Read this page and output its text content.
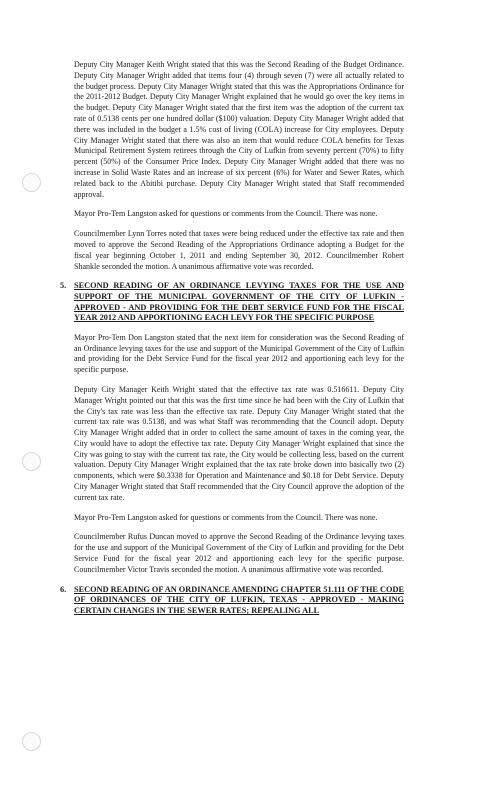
Deputy City Manager Keith Wright stated that this was the Second Reading of the Budget Ordinance. Deputy City Manager Wright added that items four (4) through seven (7) were all actually related to the budget process. Deputy City Manager Wright stated that this was the Appropriations Ordinance for the 2011-2012 Budget. Deputy City Manager Wright explained that he would go over the key items in the budget. Deputy City Manager Wright stated that the first item was the adoption of the current tax rate of 0.5138 cents per one hundred dollar ($100) valuation. Deputy City Manager Wright added that there was included in the budget a 1.5% cost of living (COLA) increase for City employees. Deputy City Manager Wright stated that there was also an item that would reduce COLA benefits for Texas Municipal Retirement System retirees through the City of Lufkin from seventy percent (70%) to fifty percent (50%) of the Consumer Price Index. Deputy City Manager Wright added that there was no increase in Solid Waste Rates and an increase of six percent (6%) for Water and Sewer Rates, which related back to the Abitibi purchase. Deputy City Manager Wright stated that Staff recommended approval.

Mayor Pro-Tem Langston asked for questions or comments from the Council. There was none.

Councilmember Lynn Torres noted that taxes were being reduced under the effective tax rate and then moved to approve the Second Reading of the Appropriations Ordinance adopting a Budget for the fiscal year beginning October 1, 2011 and ending September 30, 2012. Councilmember Robert Shankle seconded the motion. A unanimous affirmative vote was recorded.

5. SECOND READING OF AN ORDINANCE LEVYING TAXES FOR THE USE AND SUPPORT OF THE MUNICIPAL GOVERNMENT OF THE CITY OF LUFKIN - APPROVED - AND PROVIDING FOR THE DEBT SERVICE FUND FOR THE FISCAL YEAR 2012 AND APPORTIONING EACH LEVY FOR THE SPECIFIC PURPOSE

Mayor Pro-Tem Don Langston stated that the next item for consideration was the Second Reading of an Ordinance levying taxes for the use and support of the Municipal Government of the City of Lufkin and providing for the Debt Service Fund for the fiscal year 2012 and apportioning each levy for the specific purpose.

Deputy City Manager Keith Wright stated that the effective tax rate was 0.516611. Deputy City Manager Wright pointed out that this was the first time since he had been with the City of Lufkin that the City's tax rate was less than the effective tax rate. Deputy City Manager Wright stated that the current tax rate was 0.5138, and was what Staff was recommending that the Council adopt. Deputy City Manager Wright added that in order to collect the same amount of taxes in the coming year, the City would have to adopt the effective tax rate. Deputy City Manager Wright explained that since the City was going to stay with the current tax rate, the City would be collecting less, based on the current valuation. Deputy City Manager Wright explained that the tax rate broke down into basically two (2) components, which were $0.3338 for Operation and Maintenance and $0.18 for Debt Service. Deputy City Manager Wright stated that Staff recommended that the City Council approve the adoption of the current tax rate.

Mayor Pro-Tem Langston asked for questions or comments from the Council. There was none.

Councilmember Rufus Duncan moved to approve the Second Reading of the Ordinance levying taxes for the use and support of the Municipal Government of the City of Lufkin and providing for the Debt Service Fund for the fiscal year 2012 and apportioning each levy for the specific purpose. Councilmember Victor Travis seconded the motion. A unanimous affirmative vote was recorded.

6. SECOND READING OF AN ORDINANCE AMENDING CHAPTER 51.111 OF THE CODE OF ORDINANCES OF THE CITY OF LUFKIN, TEXAS - APPROVED - MAKING CERTAIN CHANGES IN THE SEWER RATES; REPEALING ALL
